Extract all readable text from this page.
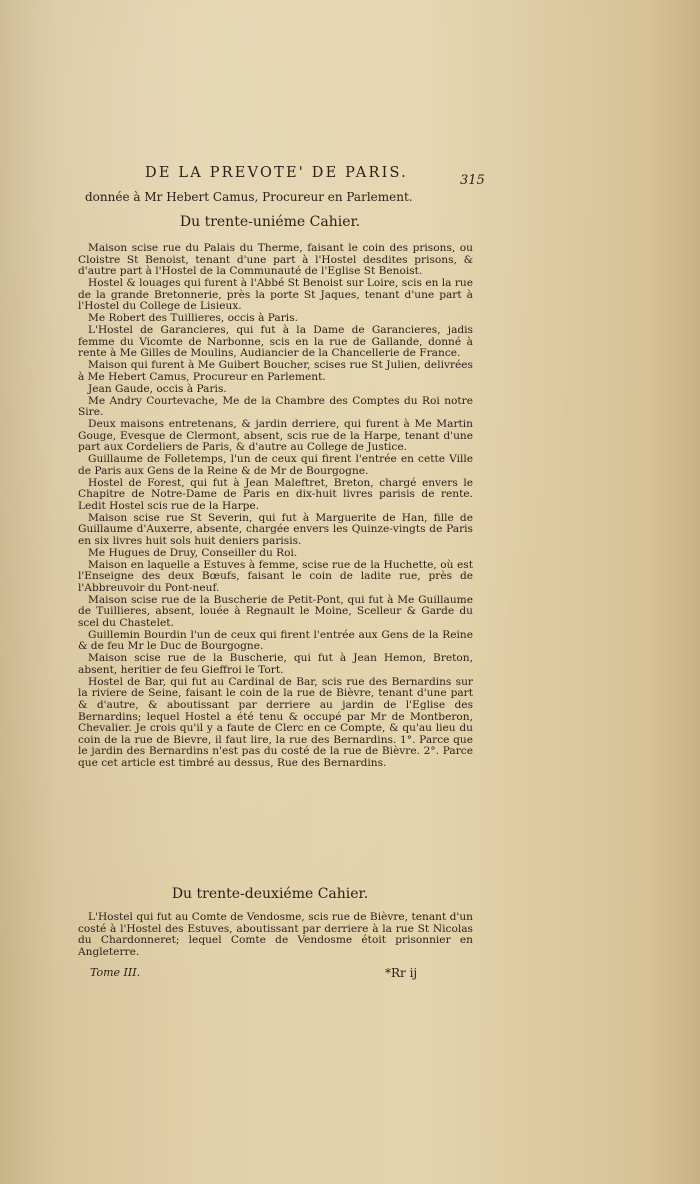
DE LA PREVOTE' DE PARIS.	315
donnée à Mr Hebert Camus, Procureur en Parlement.
Du trente-uniéme Cahier.

Maison scise rue du Palais du Therme, faisant le coin des prisons, ou Cloistre St Benoist, tenant d'une part à l'Hostel desdites prisons, & d'autre part à l'Hostel de la Communauté de l'Eglise St Benoist.

Hostel & louages qui furent à l'Abbé St Benoist sur Loire, scis en la rue de la grande Bretonnerie, près la porte St Jaques, tenant d'une part à l'Hostel du College de Lisieux.

Me Robert des Tuillieres, occis à Paris.

L'Hostel de Garancieres, qui fut à la Dame de Garancieres, jadis femme du Vicomte de Narbonne, scis en la rue de Gallande, donné à rente à Me Gilles de Moulins, Audiancier de la Chancellerie de France.

Maison qui furent à Me Guibert Boucher, scises rue St Julien, delivrées à Me Hebert Camus, Procureur en Parlement.

Jean Gaude, occis à Paris.

Me Andry Courtevache, Me de la Chambre des Comptes du Roi notre Sire.

Deux maisons entretenans, & jardin derriere, qui furent à Me Martin Gouge, Evesque de Clermont, absent, scis rue de la Harpe, tenant d'une part aux Cordeliers de Paris, & d'autre au College de Justice.

Guillaume de Folletemps, l'un de ceux qui firent l'entrée en cette Ville de Paris aux Gens de la Reine & de Mr de Bourgogne.

Hostel de Forest, qui fut à Jean Maleftret, Breton, chargé envers le Chapitre de Notre-Dame de Paris en dix-huit livres parisis de rente. Ledit Hostel scis rue de la Harpe.

Maison scise rue St Severin, qui fut à Marguerite de Han, fille de Guillaume d'Auxerre, absente, chargée envers les Quinze-vingts de Paris en six livres huit sols huit deniers parisis.

Me Hugues de Druy, Conseiller du Roi.

Maison en laquelle a Estuves à femme, scise rue de la Huchette, où est l'Enseigne des deux Bœufs, faisant le coin de ladite rue, près de l'Abbreuvoir du Pont-neuf.

Maison scise rue de la Buscherie de Petit-Pont, qui fut à Me Guillaume de Tuillieres, absent, louée à Regnault le Moine, Scelleur & Garde du scel du Chastelet.

Guillemin Bourdin l'un de ceux qui firent l'entrée aux Gens de la Reine & de feu Mr le Duc de Bourgogne.

Maison scise rue de la Buscherie, qui fut à Jean Hemon, Breton, absent, heritier de feu Gieffroi le Tort.

Hostel de Bar, qui fut au Cardinal de Bar, scis rue des Bernardins sur la riviere de Seine, faisant le coin de la rue de Bièvre, tenant d'une part & d'autre, & aboutissant par derriere au jardin de l'Eglise des Bernardins; lequel Hostel a été tenu & occupé par Mr de Montberon, Chevalier. Je crois qu'il y a faute de Clerc en ce Compte, & qu'au lieu du coin de la rue de Bievre, il faut lire, la rue des Bernardins. 1°. Parce que le jardin des Bernardins n'est pas du costé de la rue de Bièvre. 2°. Parce que cet article est timbré au dessus, Rue des Bernardins.

Du trente-deuxiéme Cahier.

L'Hostel qui fut au Comte de Vendosme, scis rue de Bièvre, tenant d'un costé à l'Hostel des Estuves, aboutissant par derriere à la rue St Nicolas du Chardonneret; lequel Comte de Vendosme étoit prisonnier en Angleterre.

Tome III.	*Rr ij
